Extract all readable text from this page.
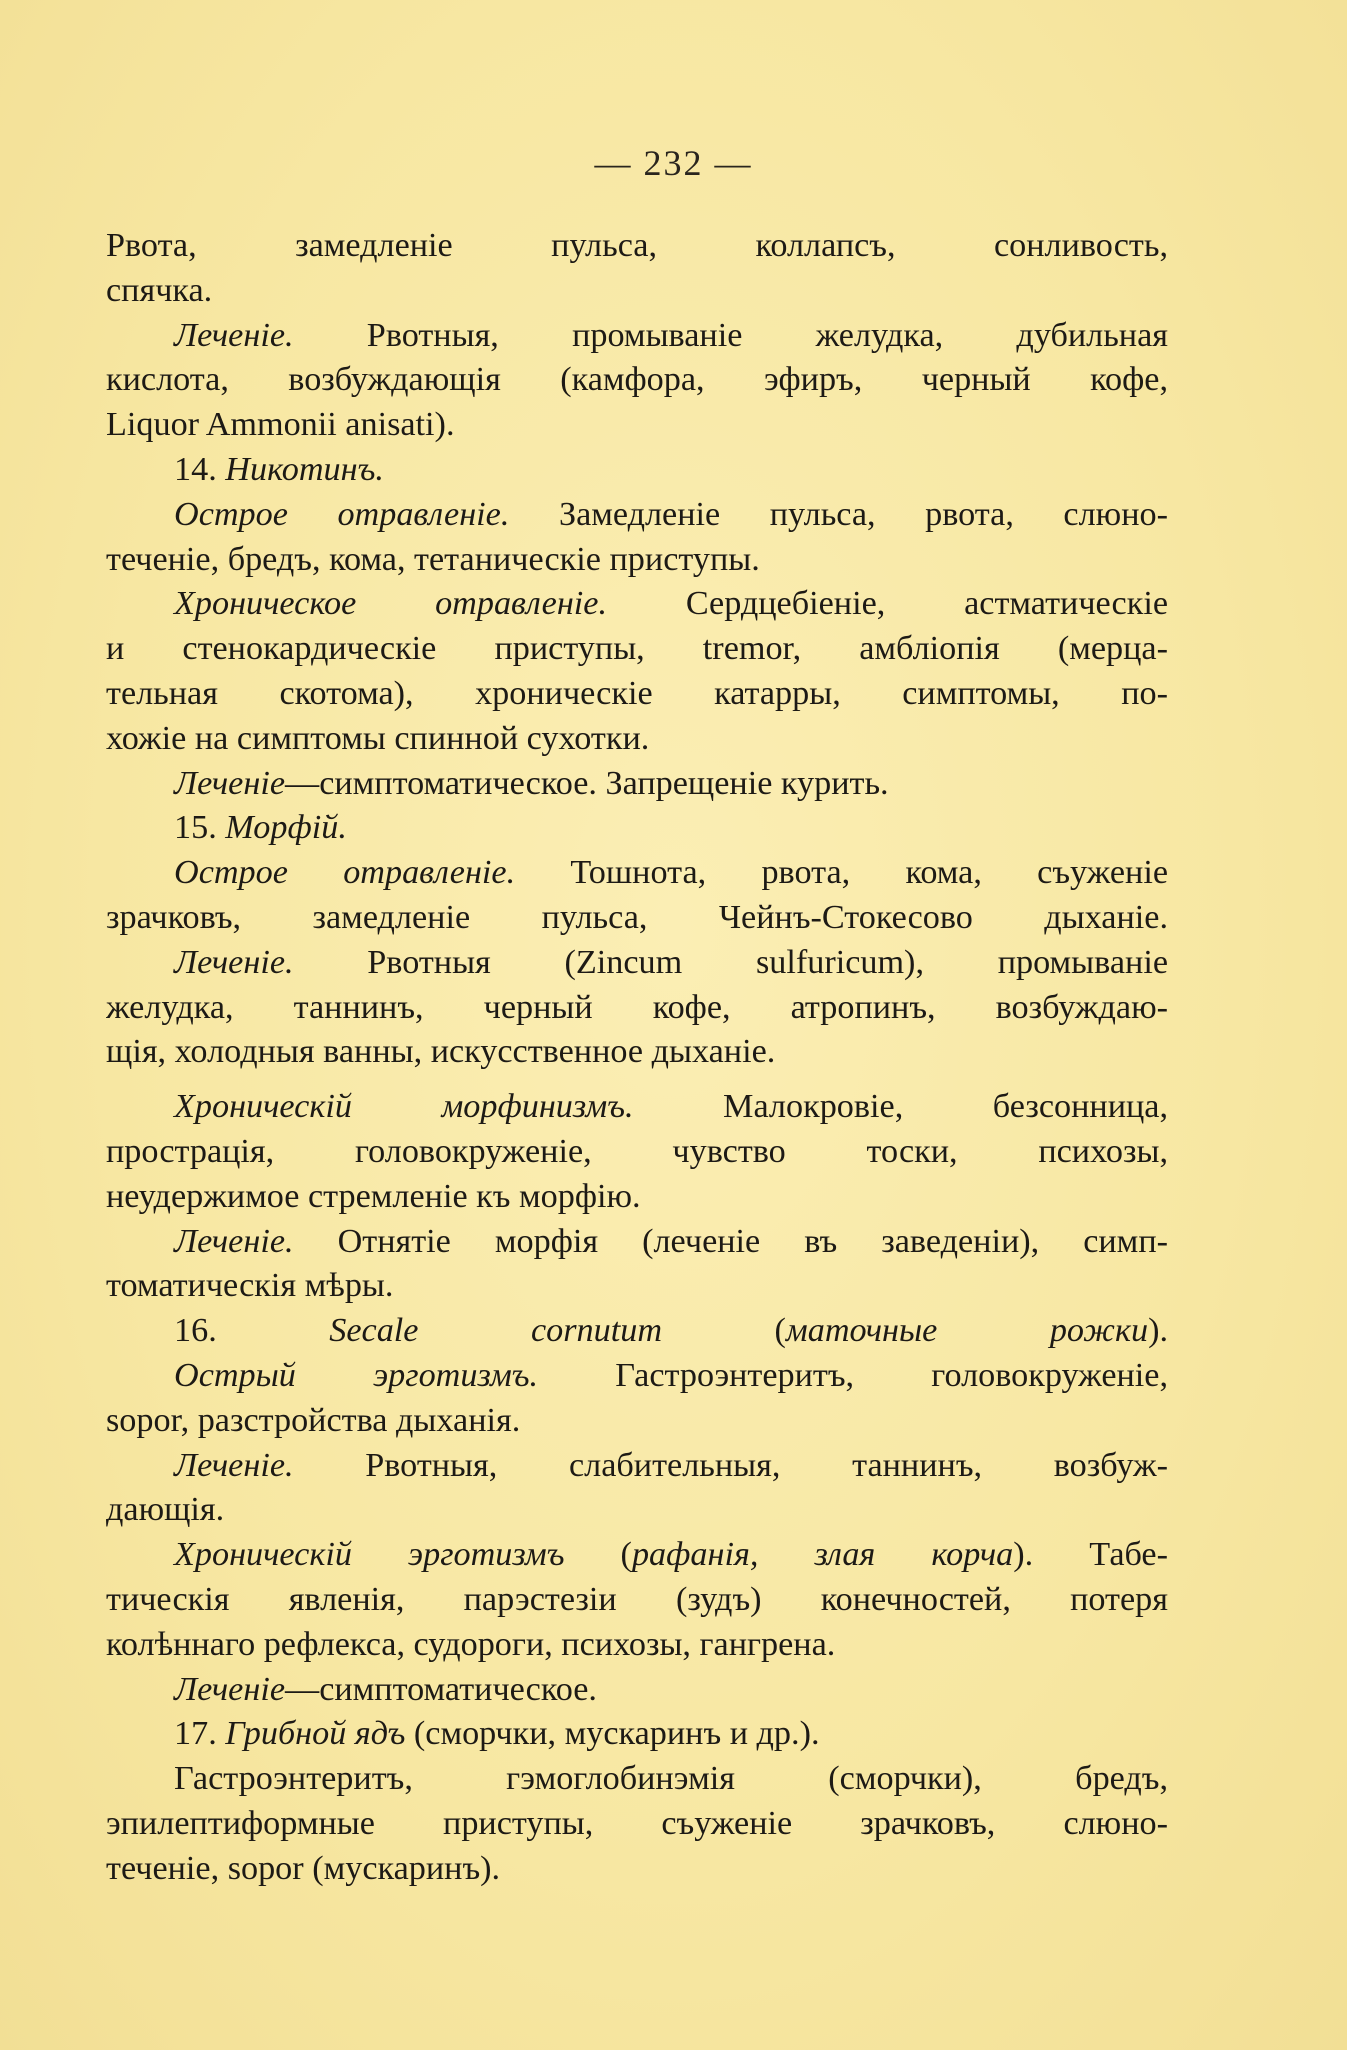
— 232 —
Рвота, замедленіе пульса, коллапсъ, сонливость,
спячка.
Леченіе. Рвотныя, промываніе желудка, дубильная
кислота, возбуждающія (камфора, эфиръ, черный кофе,
Liquor Ammonii anisati).
14. Никотинъ.
Острое отравленіе. Замедленіе пульса, рвота, слюно-
теченіе, бредъ, кома, тетаническіе приступы.
Хроническое отравленіе. Сердцебіеніе, астматическіе
и стенокардическіе приступы, tremor, амбліопія (мерца-
тельная скотома), хроническіе катарры, симптомы, по-
хожіе на симптомы спинной сухотки.
Леченіе—симптоматическое. Запрещеніе курить.
15. Морфій.
Острое отравленіе. Тошнота, рвота, кома, съуженіе
зрачковъ, замедленіе пульса, Чейнъ-Стокесово дыханіе.
Леченіе. Рвотныя (Zincum sulfuricum), промываніе
желудка, таннинъ, черный кофе, атропинъ, возбуждаю-
щія, холодныя ванны, искусственное дыханіе.
Хроническій морфинизмъ. Малокровіе, безсонница,
прострація, головокруженіе, чувство тоски, психозы,
неудержимое стремленіе къ морфію.
Леченіе. Отнятіе морфія (леченіе въ заведеніи), симп-
томатическія мѣры.
16. Secale cornutum (маточные рожки).
Острый эрготизмъ. Гастроэнтеритъ, головокруженіе,
sopor, разстройства дыханія.
Леченіе. Рвотныя, слабительныя, таннинъ, возбуж-
дающія.
Хроническій эрготизмъ (рафанія, злая корча). Табе-
тическія явленія, парэстезіи (зудъ) конечностей, потеря
колѣннаго рефлекса, судороги, психозы, гангрена.
Леченіе—симптоматическое.
17. Грибной ядъ (сморчки, мускаринъ и др.).
Гастроэнтеритъ, гэмоглобинэмія (сморчки), бредъ,
эпилептиформные приступы, съуженіе зрачковъ, слюно-
теченіе, sopor (мускаринъ).
